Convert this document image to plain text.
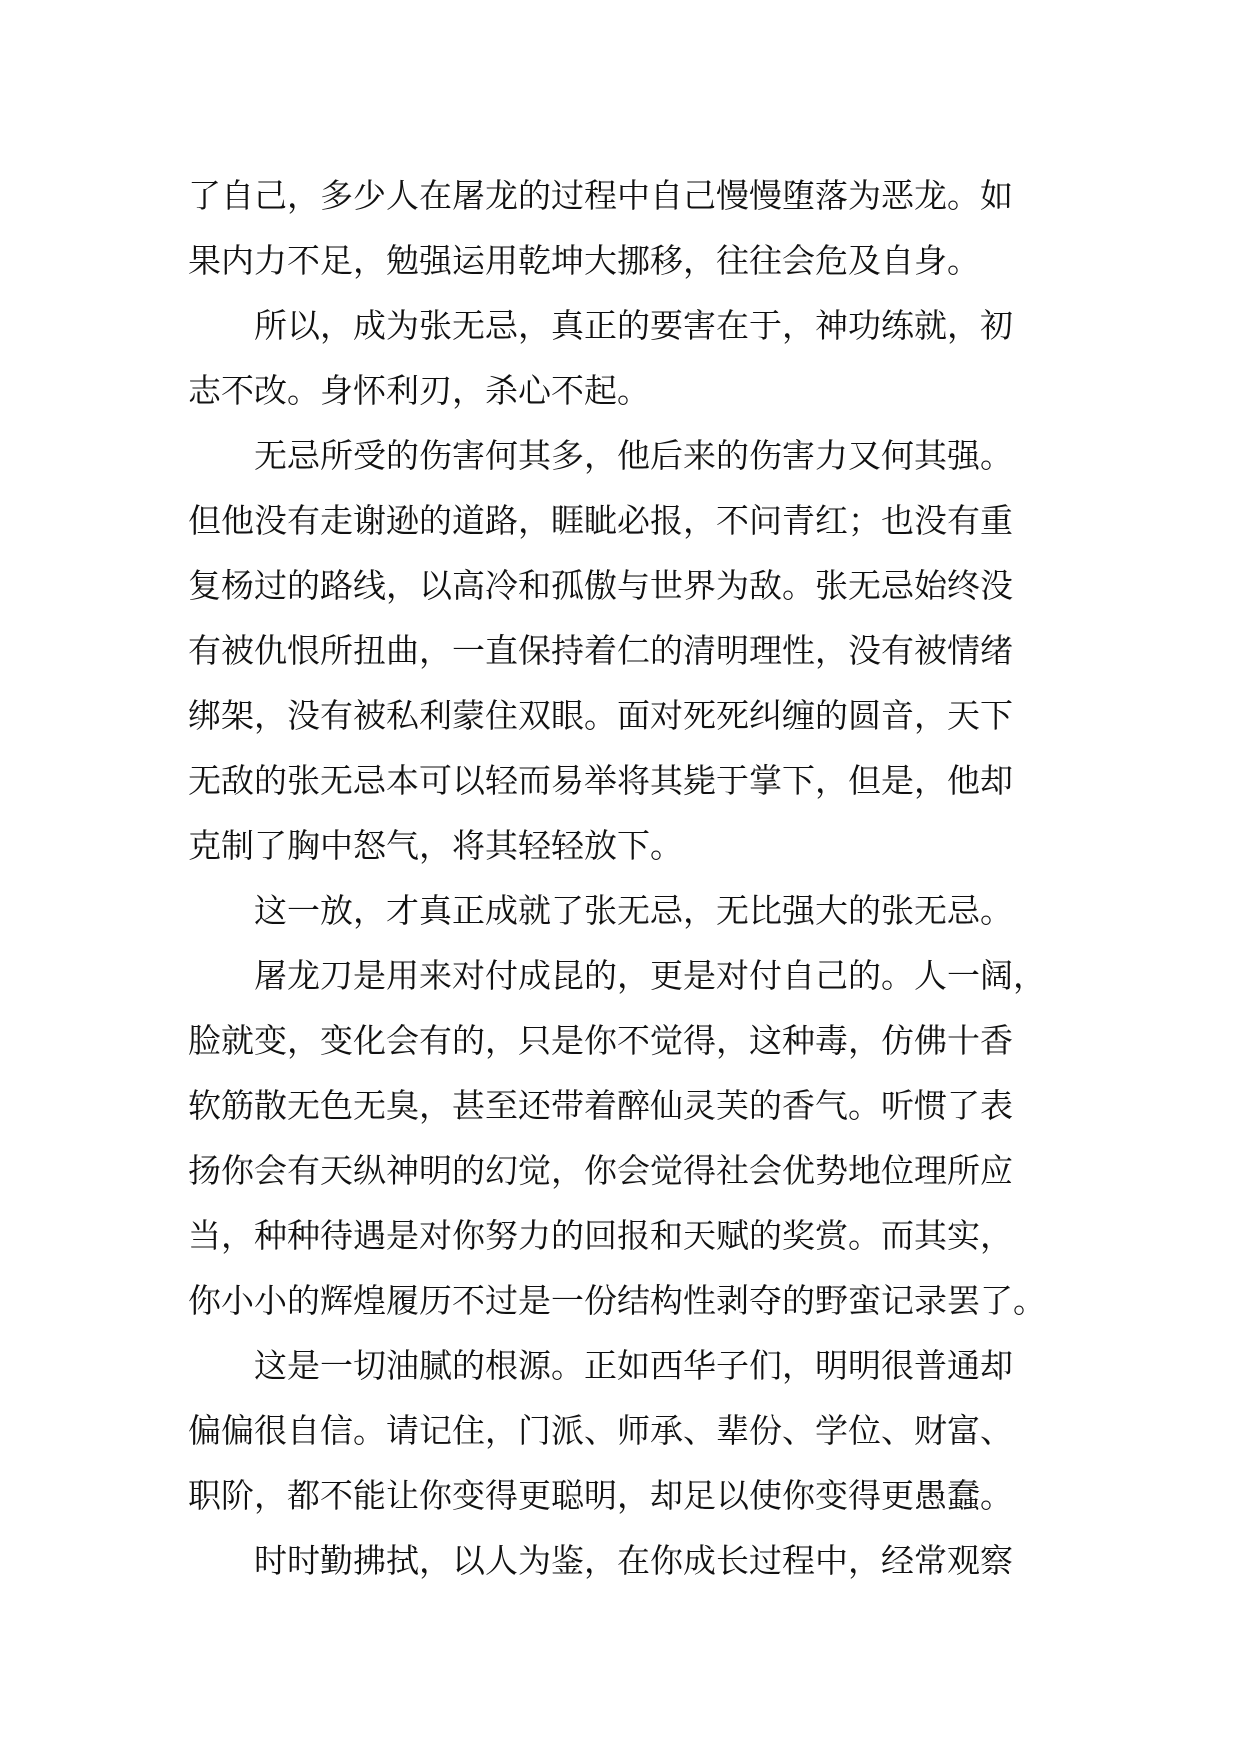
了自己，多少人在屠龙的过程中自己慢慢堕落为恶龙。如
果内力不足，勉强运用乾坤大挪移，往往会危及自身。
所以，成为张无忌，真正的要害在于，神功练就，初
志不改。身怀利刃，杀心不起。
无忌所受的伤害何其多，他后来的伤害力又何其强。
但他没有走谢逊的道路，睚眦必报，不问青红；也没有重
复杨过的路线，以高冷和孤傲与世界为敌。张无忌始终没
有被仇恨所扭曲，一直保持着仁的清明理性，没有被情绪
绑架，没有被私利蒙住双眼。面对死死纠缠的圆音，天下
无敌的张无忌本可以轻而易举将其毙于掌下，但是，他却
克制了胸中怒气，将其轻轻放下。
这一放，才真正成就了张无忌，无比强大的张无忌。
屠龙刀是用来对付成昆的，更是对付自己的。人一阔，
脸就变，变化会有的，只是你不觉得，这种毒，仿佛十香
软筋散无色无臭，甚至还带着醉仙灵芙的香气。听惯了表
扬你会有天纵神明的幻觉，你会觉得社会优势地位理所应
当，种种待遇是对你努力的回报和天赋的奖赏。而其实，
你小小的辉煌履历不过是一份结构性剥夺的野蛮记录罢了。
这是一切油腻的根源。正如西华子们，明明很普通却
偏偏很自信。请记住，门派、师承、辈份、学位、财富、
职阶，都不能让你变得更聪明，却足以使你变得更愚蠢。
时时勤拂拭，以人为鉴，在你成长过程中，经常观察
